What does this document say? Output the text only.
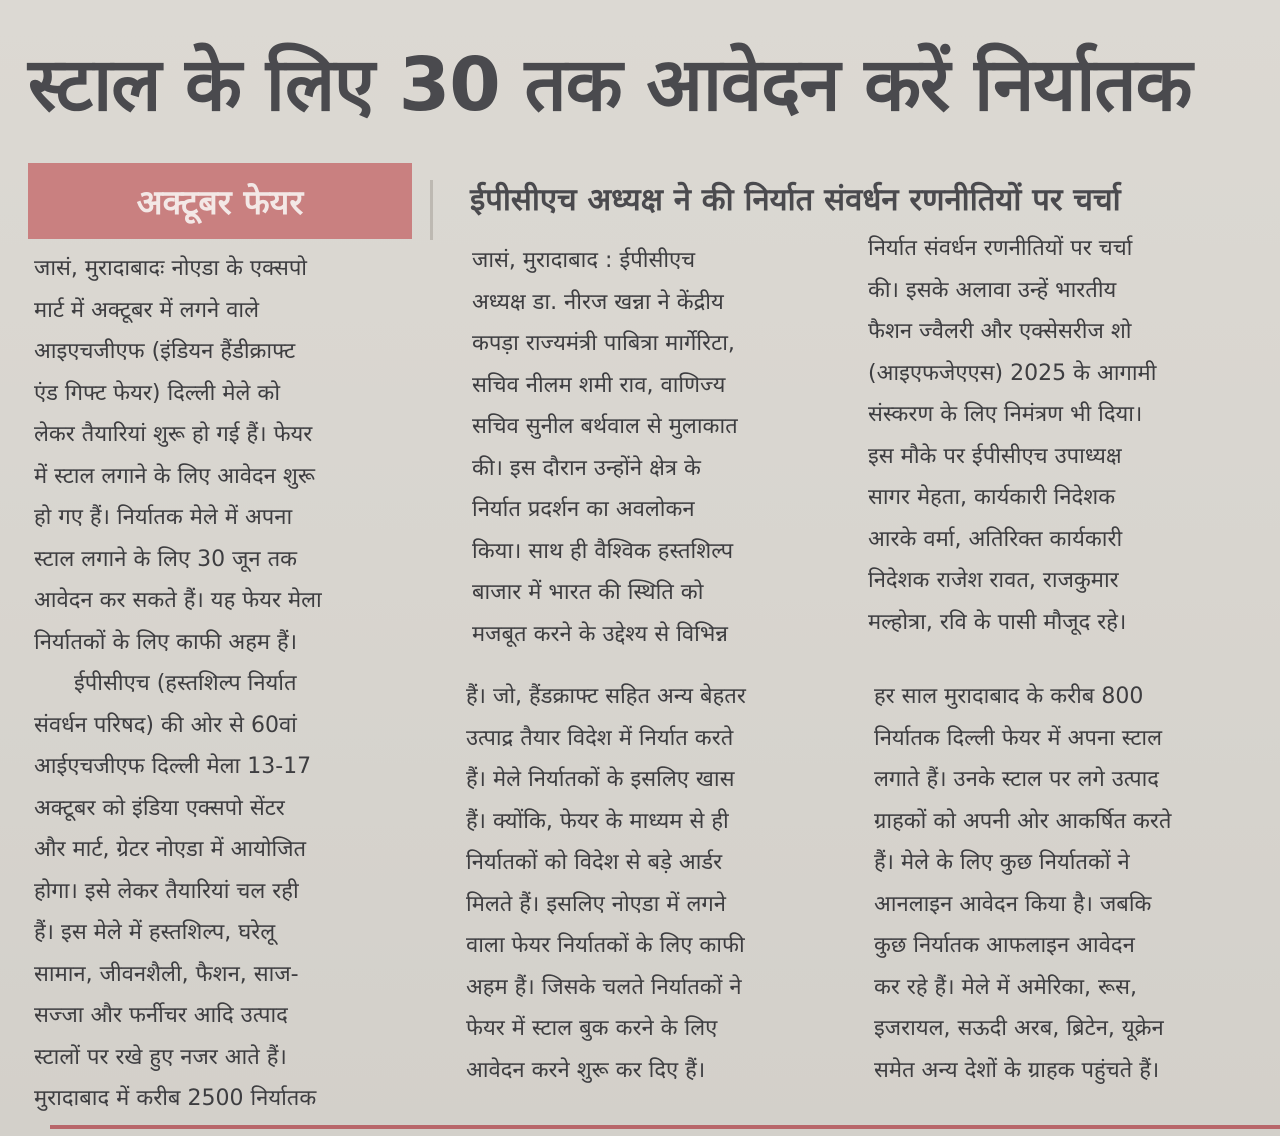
स्टाल के लिए 30 तक आवेदन करें निर्यातक
अक्टूबर फेयर	ईपीसीएच अध्यक्ष ने की निर्यात संवर्धन रणनीतियों पर चर्चा
जासं, मुरादाबादः नोएडा के एक्सपो
मार्ट में अक्टूबर में लगने वाले
आइएचजीएफ (इंडियन हैंडीक्राफ्ट
एंड गिफ्ट फेयर) दिल्ली मेले को
लेकर तैयारियां शुरू हो गई हैं। फेयर
में स्टाल लगाने के लिए आवेदन शुरू
हो गए हैं। निर्यातक मेले में अपना
स्टाल लगाने के लिए 30 जून तक
आवेदन कर सकते हैं। यह फेयर मेला
निर्यातकों के लिए काफी अहम हैं।
ईपीसीएच (हस्तशिल्प निर्यात
संवर्धन परिषद) की ओर से 60वां
आईएचजीएफ दिल्ली मेला 13-17
अक्टूबर को इंडिया एक्सपो सेंटर
और मार्ट, ग्रेटर नोएडा में आयोजित
होगा। इसे लेकर तैयारियां चल रही
हैं। इस मेले में हस्तशिल्प, घरेलू
सामान, जीवनशैली, फैशन, साज-
सज्जा और फर्नीचर आदि उत्पाद
स्टालों पर रखे हुए नजर आते हैं।
मुरादाबाद में करीब 2500 निर्यातक
जासं, मुरादाबाद : ईपीसीएच
अध्यक्ष डा. नीरज खन्ना ने केंद्रीय
कपड़ा राज्यमंत्री पाबित्रा मार्गेरिटा,
सचिव नीलम शमी राव, वाणिज्य
सचिव सुनील बर्थवाल से मुलाकात
की। इस दौरान उन्होंने क्षेत्र के
निर्यात प्रदर्शन का अवलोकन
किया। साथ ही वैश्विक हस्तशिल्प
बाजार में भारत की स्थिति को
मजबूत करने के उद्देश्य से विभिन्न
निर्यात संवर्धन रणनीतियों पर चर्चा
की। इसके अलावा उन्हें भारतीय
फैशन ज्वैलरी और एक्सेसरीज शो
(आइएफजेएएस) 2025 के आगामी
संस्करण के लिए निमंत्रण भी दिया।
इस मौके पर ईपीसीएच उपाध्यक्ष
सागर मेहता, कार्यकारी निदेशक
आरके वर्मा, अतिरिक्त कार्यकारी
निदेशक राजेश रावत, राजकुमार
मल्होत्रा, रवि के पासी मौजूद रहे।
हैं। जो, हैंडक्राफ्ट सहित अन्य बेहतर
उत्पाद्र तैयार विदेश में निर्यात करते
हैं। मेले निर्यातकों के इसलिए खास
हैं। क्योंकि, फेयर के माध्यम से ही
निर्यातकों को विदेश से बड़े आर्डर
मिलते हैं। इसलिए नोएडा में लगने
वाला फेयर निर्यातकों के लिए काफी
अहम हैं। जिसके चलते निर्यातकों ने
फेयर में स्टाल बुक करने के लिए
आवेदन करने शुरू कर दिए हैं।
हर साल मुरादाबाद के करीब 800
निर्यातक दिल्ली फेयर में अपना स्टाल
लगाते हैं। उनके स्टाल पर लगे उत्पाद
ग्राहकों को अपनी ओर आकर्षित करते
हैं। मेले के लिए कुछ निर्यातकों ने
आनलाइन आवेदन किया है। जबकि
कुछ निर्यातक आफलाइन आवेदन
कर रहे हैं। मेले में अमेरिका, रूस,
इजरायल, सऊदी अरब, ब्रिटेन, यूक्रेन
समेत अन्य देशों के ग्राहक पहुंचते हैं।
